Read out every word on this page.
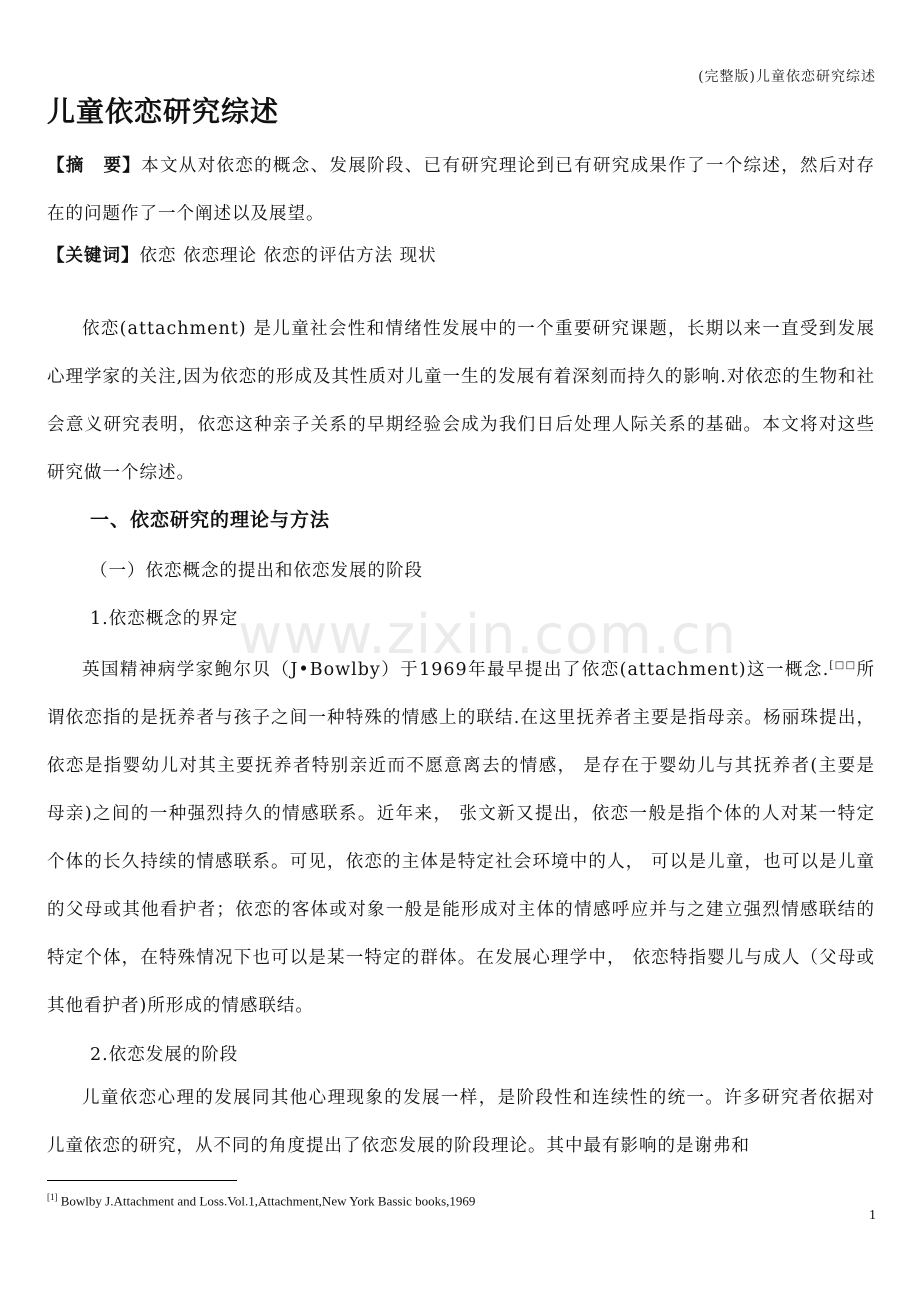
(完整版)儿童依恋研究综述
儿童依恋研究综述

【摘　要】本文从对依恋的概念、发展阶段、已有研究理论到已有研究成果作了一个综述，然后对存在的问题作了一个阐述以及展望。

【关键词】依恋 依恋理论 依恋的评估方法 现状

依恋(attachment) 是儿童社会性和情绪性发展中的一个重要研究课题，长期以来一直受到发展心理学家的关注,因为依恋的形成及其性质对儿童一生的发展有着深刻而持久的影响.对依恋的生物和社会意义研究表明，依恋这种亲子关系的早期经验会成为我们日后处理人际关系的基础。本文将对这些研究做一个综述。

一、依恋研究的理论与方法
（一）依恋概念的提出和依恋发展的阶段
1.依恋概念的界定

英国精神病学家鲍尔贝（J•Bowlby）于1969年最早提出了依恋(attachment)这一概念.[□□所谓依恋指的是抚养者与孩子之间一种特殊的情感上的联结.在这里抚养者主要是指母亲。杨丽珠提出，依恋是指婴幼儿对其主要抚养者特别亲近而不愿意离去的情感， 是存在于婴幼儿与其抚养者(主要是母亲)之间的一种强烈持久的情感联系。近年来， 张文新又提出，依恋一般是指个体的人对某一特定个体的长久持续的情感联系。可见，依恋的主体是特定社会环境中的人， 可以是儿童，也可以是儿童的父母或其他看护者；依恋的客体或对象一般是能形成对主体的情感呼应并与之建立强烈情感联结的特定个体，在特殊情况下也可以是某一特定的群体。在发展心理学中， 依恋特指婴儿与成人（父母或其他看护者)所形成的情感联结。

2.依恋发展的阶段

儿童依恋心理的发展同其他心理现象的发展一样，是阶段性和连续性的统一。许多研究者依据对儿童依恋的研究，从不同的角度提出了依恋发展的阶段理论。其中最有影响的是谢弗和

www.zixin.com.cn
[1] Bowlby J.Attachment and Loss.Vol.1,Attachment,New York Bassic books,1969
1
